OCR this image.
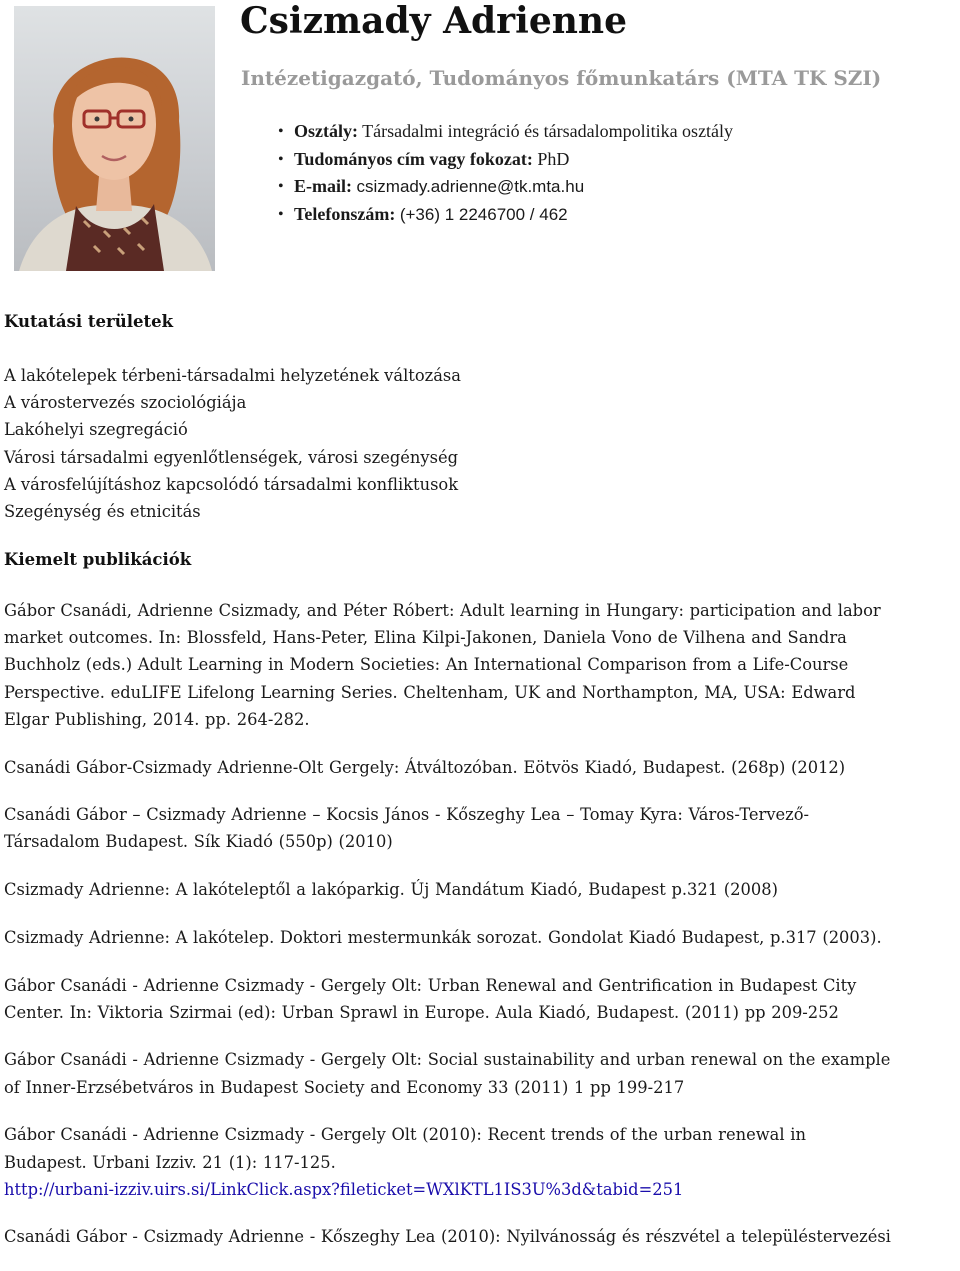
Csizmady Adrienne
Intézetigazgató, Tudományos főmunkatárs (MTA TK SZI)
• Osztály: Társadalmi integráció és társadalompolitika osztály
• Tudományos cím vagy fokozat: PhD
• E-mail: csizmady.adrienne@tk.mta.hu
• Telefonszám: (+36) 1 2246700 / 462
Kutatási területek
A lakótelepek térbeni-társadalmi helyzetének változása
A várostervezés szociológiája
Lakóhelyi szegregáció
Városi társadalmi egyenlőtlenségek, városi szegénység
A városfelújításhoz kapcsolódó társadalmi konfliktusok
Szegénység és etnicitás
Kiemelt publikációk
Gábor Csanádi, Adrienne Csizmady, and Péter Róbert: Adult learning in Hungary: participation and labor
market outcomes. In: Blossfeld, Hans-Peter, Elina Kilpi-Jakonen, Daniela Vono de Vilhena and Sandra
Buchholz (eds.) Adult Learning in Modern Societies: An International Comparison from a Life-Course
Perspective. eduLIFE Lifelong Learning Series. Cheltenham, UK and Northampton, MA, USA: Edward
Elgar Publishing, 2014. pp. 264-282.
Csanádi Gábor-Csizmady Adrienne-Olt Gergely: Átváltozóban. Eötvös Kiadó, Budapest. (268p) (2012)
Csanádi Gábor – Csizmady Adrienne – Kocsis János - Kőszeghy Lea – Tomay Kyra: Város-Tervező-
Társadalom Budapest. Sík Kiadó (550p) (2010)
Csizmady Adrienne: A lakóteleptől a lakóparkig. Új Mandátum Kiadó, Budapest p.321 (2008)
Csizmady Adrienne: A lakótelep. Doktori mestermunkák sorozat. Gondolat Kiadó Budapest, p.317 (2003).
Gábor Csanádi - Adrienne Csizmady - Gergely Olt: Urban Renewal and Gentrification in Budapest City
Center. In: Viktoria Szirmai (ed): Urban Sprawl in Europe. Aula Kiadó, Budapest. (2011) pp 209-252
Gábor Csanádi - Adrienne Csizmady - Gergely Olt: Social sustainability and urban renewal on the example
of Inner-Erzsébetváros in Budapest Society and Economy 33 (2011) 1 pp 199-217
Gábor Csanádi - Adrienne Csizmady - Gergely Olt (2010): Recent trends of the urban renewal in
Budapest. Urbani Izziv. 21 (1): 117-125.
http://urbani-izziv.uirs.si/LinkClick.aspx?fileticket=WXlKTL1IS3U%3d&tabid=251
Csanádi Gábor - Csizmady Adrienne - Kőszeghy Lea (2010): Nyilvánosság és részvétel a településtervezési
